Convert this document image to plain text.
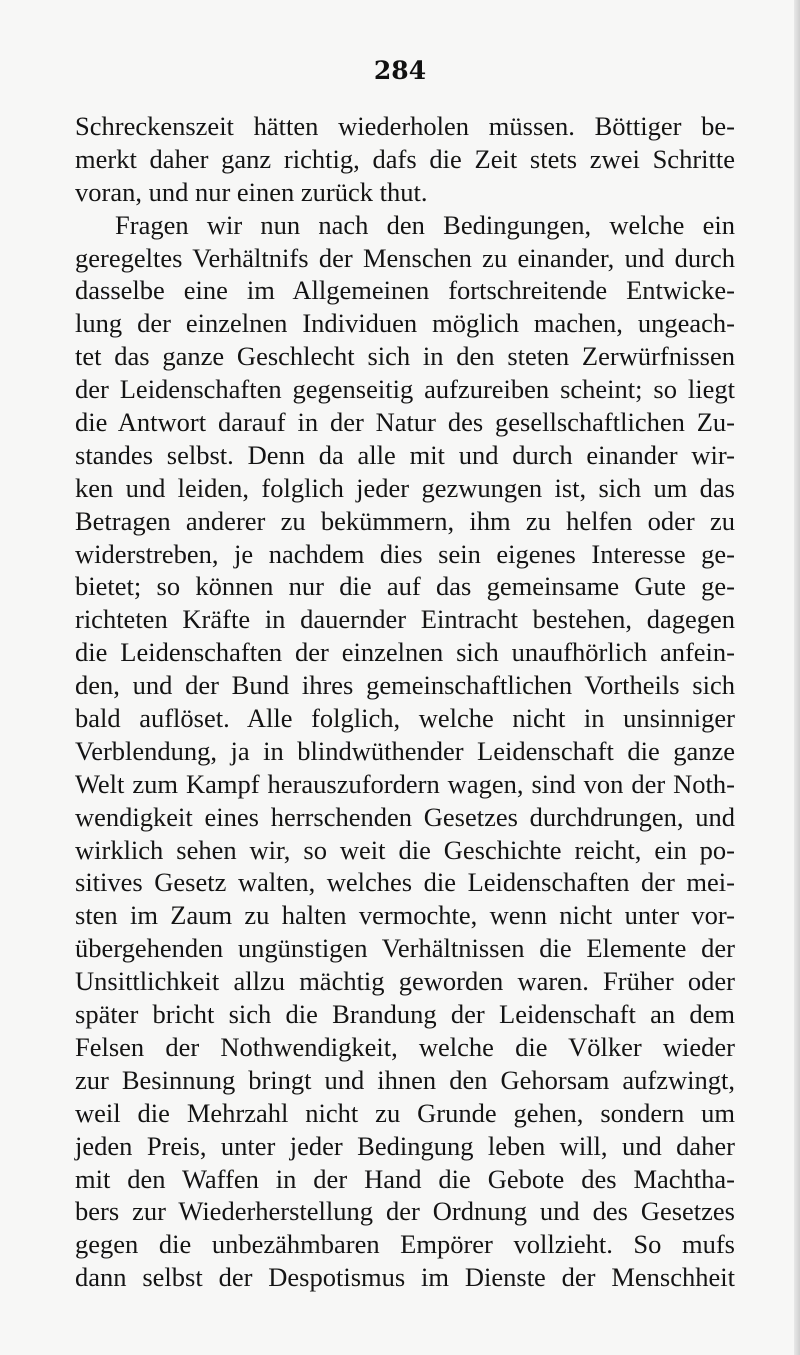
284
Schreckenszeit hätten wiederholen müssen. Böttiger be-
merkt daher ganz richtig, dafs die Zeit stets zwei Schritte
voran, und nur einen zurück thut.
Fragen wir nun nach den Bedingungen, welche ein
geregeltes Verhältnifs der Menschen zu einander, und durch
dasselbe eine im Allgemeinen fortschreitende Entwicke-
lung der einzelnen Individuen möglich machen, ungeach-
tet das ganze Geschlecht sich in den steten Zerwürfnissen
der Leidenschaften gegenseitig aufzureiben scheint; so liegt
die Antwort darauf in der Natur des gesellschaftlichen Zu-
standes selbst. Denn da alle mit und durch einander wir-
ken und leiden, folglich jeder gezwungen ist, sich um das
Betragen anderer zu bekümmern, ihm zu helfen oder zu
widerstreben, je nachdem dies sein eigenes Interesse ge-
bietet; so können nur die auf das gemeinsame Gute ge-
richteten Kräfte in dauernder Eintracht bestehen, dagegen
die Leidenschaften der einzelnen sich unaufhörlich anfein-
den, und der Bund ihres gemeinschaftlichen Vortheils sich
bald auflöset. Alle folglich, welche nicht in unsinniger
Verblendung, ja in blindwüthender Leidenschaft die ganze
Welt zum Kampf herauszufordern wagen, sind von der Noth-
wendigkeit eines herrschenden Gesetzes durchdrungen, und
wirklich sehen wir, so weit die Geschichte reicht, ein po-
sitives Gesetz walten, welches die Leidenschaften der mei-
sten im Zaum zu halten vermochte, wenn nicht unter vor-
übergehenden ungünstigen Verhältnissen die Elemente der
Unsittlichkeit allzu mächtig geworden waren. Früher oder
später bricht sich die Brandung der Leidenschaft an dem
Felsen der Nothwendigkeit, welche die Völker wieder
zur Besinnung bringt und ihnen den Gehorsam aufzwingt,
weil die Mehrzahl nicht zu Grunde gehen, sondern um
jeden Preis, unter jeder Bedingung leben will, und daher
mit den Waffen in der Hand die Gebote des Machtha-
bers zur Wiederherstellung der Ordnung und des Gesetzes
gegen die unbezähmbaren Empörer vollzieht. So mufs
dann selbst der Despotismus im Dienste der Menschheit
